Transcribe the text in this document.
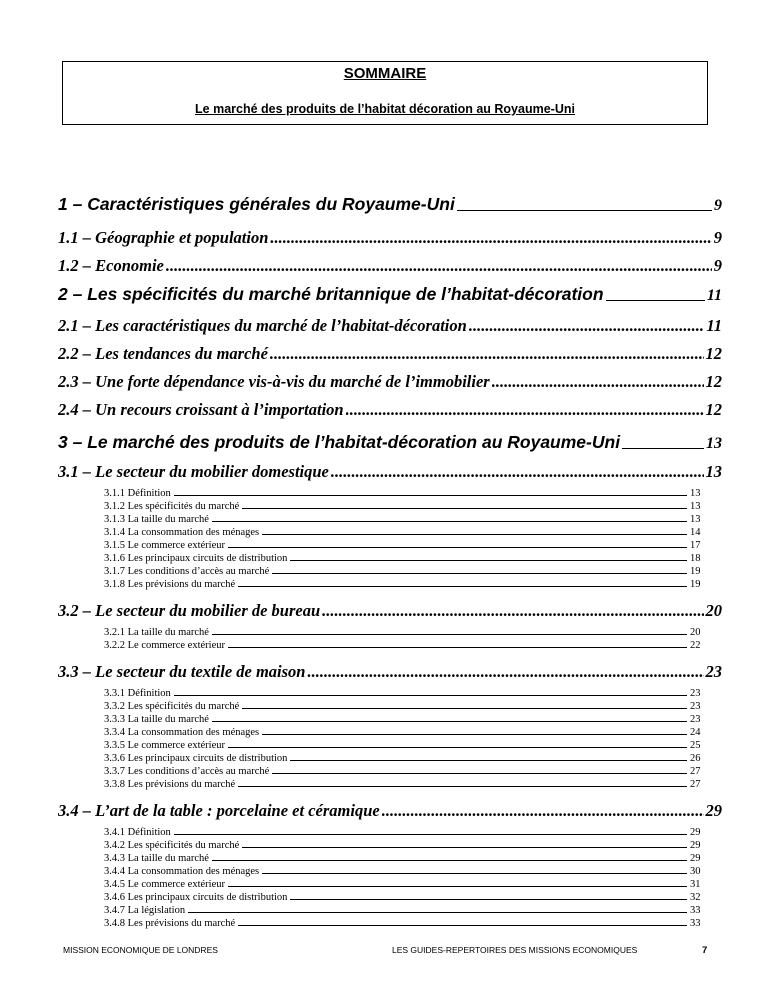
SOMMAIRE
Le marché des produits de l’habitat décoration au Royaume-Uni
1 – Caractéristiques générales du Royaume-Uni	9
1.1 – Géographie et population .....	9
1.2 – Economie .....	9
2 – Les spécificités du marché britannique de l’habitat-décoration	11
2.1 – Les caractéristiques du marché de l’habitat-décoration .....	11
2.2 – Les tendances du marché .....	12
2.3 – Une forte dépendance vis-à-vis du marché de l’immobilier .....	12
2.4 – Un recours croissant à l’importation .....	12
3 – Le marché des produits de l’habitat-décoration au Royaume-Uni	13
3.1 – Le secteur du mobilier domestique .....	13
3.1.1 Définition	13
3.1.2 Les spécificités du marché	13
3.1.3 La taille du marché	13
3.1.4 La consommation des ménages	14
3.1.5 Le commerce extérieur	17
3.1.6 Les principaux circuits de distribution	18
3.1.7 Les conditions d’accès au marché	19
3.1.8 Les prévisions du marché	19
3.2 – Le secteur du mobilier de bureau .....	20
3.2.1 La taille du marché	20
3.2.2 Le commerce extérieur	22
3.3 – Le secteur du textile de maison .....	23
3.3.1 Définition	23
3.3.2 Les spécificités du marché	23
3.3.3 La taille du marché	23
3.3.4 La consommation des ménages	24
3.3.5 Le commerce extérieur	25
3.3.6 Les principaux circuits de distribution	26
3.3.7 Les conditions d’accès au marché	27
3.3.8 Les prévisions du marché	27
3.4 – L’art de la table : porcelaine et céramique .....	29
3.4.1 Définition	29
3.4.2 Les spécificités du marché	29
3.4.3 La taille du marché	29
3.4.4 La consommation des ménages	30
3.4.5 Le commerce extérieur	31
3.4.6 Les principaux circuits de distribution	32
3.4.7 La législation	33
3.4.8 Les prévisions du marché	33
MISSION ECONOMIQUE DE LONDRES	LES GUIDES-REPERTOIRES DES MISSIONS ECONOMIQUES	7
